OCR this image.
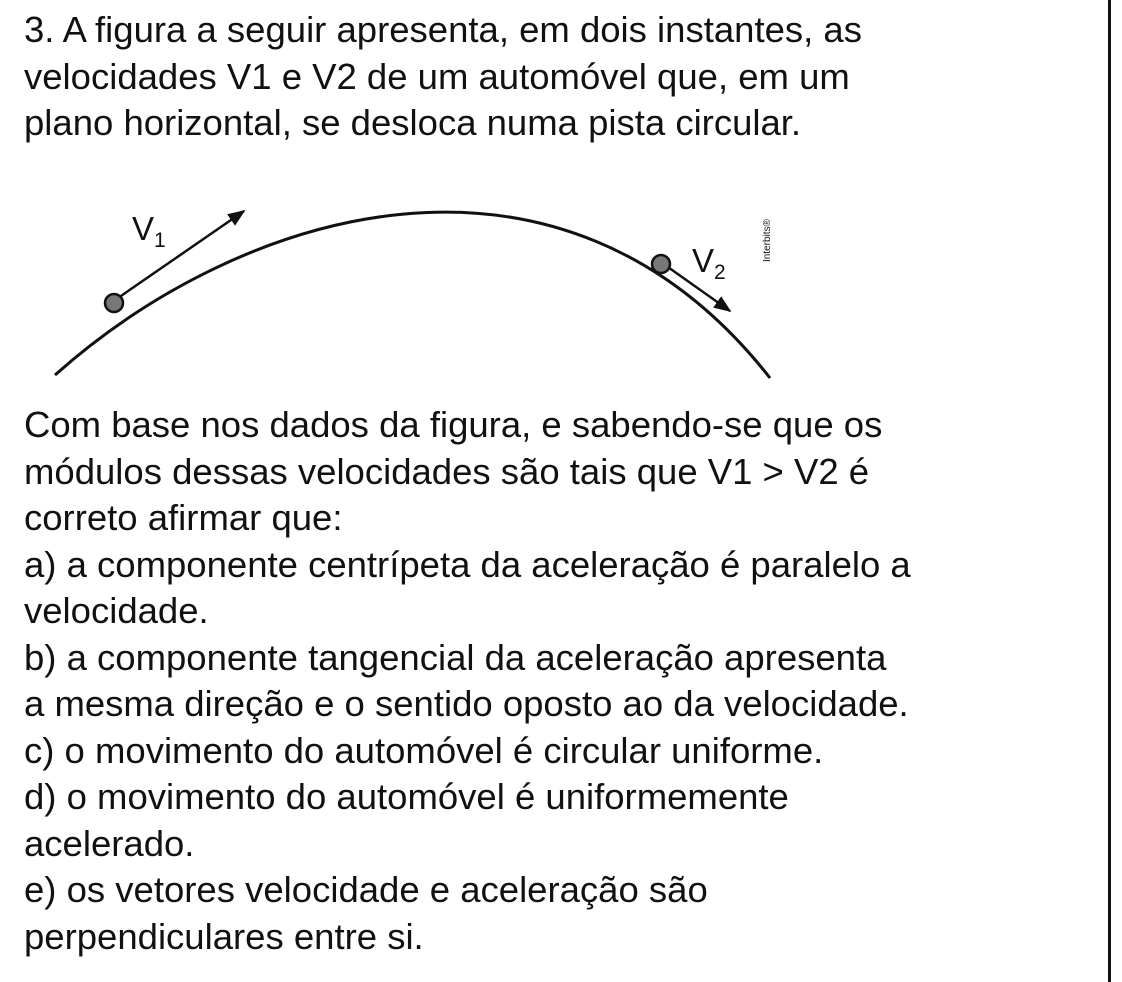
3. A figura a seguir apresenta, em dois instantes, as
velocidades V1 e V2 de um automóvel que, em um
plano horizontal, se desloca numa pista circular.
$V_1$
$V_2$
Interbits®
Com base nos dados da figura, e sabendo-se que os
módulos dessas velocidades são tais que V1 > V2 é
correto afirmar que:
a) a componente centrípeta da aceleração é paralelo a
velocidade.
b) a componente tangencial da aceleração apresenta
a mesma direção e o sentido oposto ao da velocidade.
c) o movimento do automóvel é circular uniforme.
d) o movimento do automóvel é uniformemente
acelerado.
e) os vetores velocidade e aceleração são
perpendiculares entre si.
